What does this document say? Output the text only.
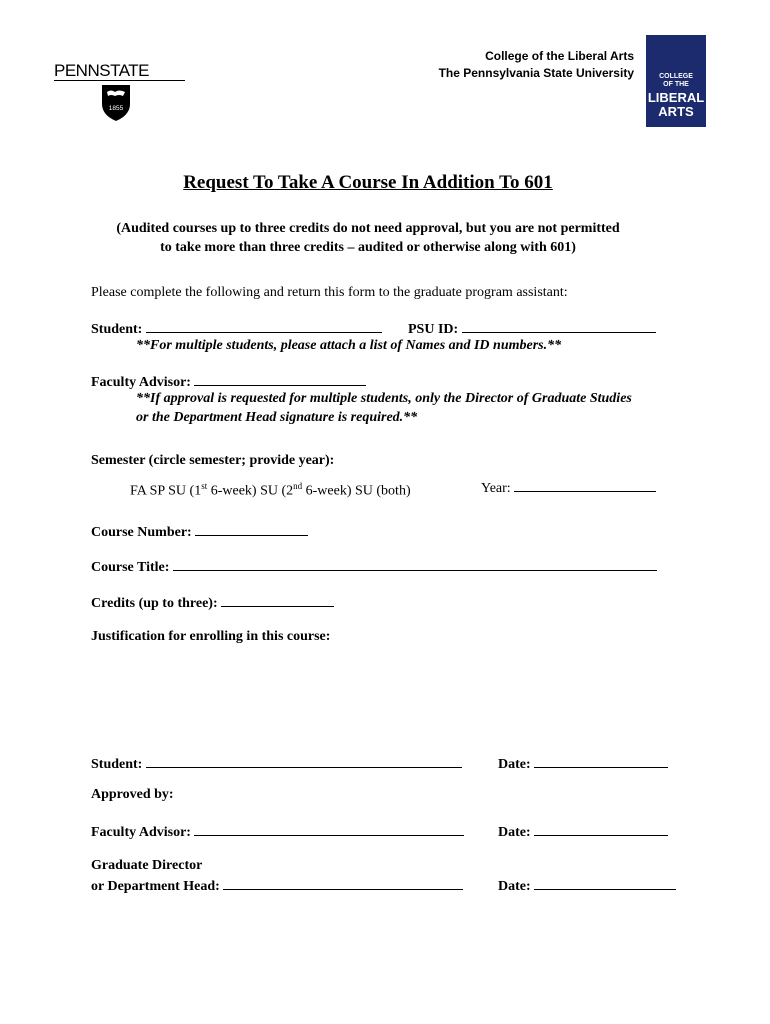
PENNSTATE
1855
College of the Liberal Arts
The Pennsylvania State University	COLLEGE
OF THE
LIBERAL
ARTS
Request To Take A Course In Addition To 601
(Audited courses up to three credits do not need approval, but you are not permitted
to take more than three credits – audited or otherwise along with 601)
Please complete the following and return this form to the graduate program assistant:
Student:	PSU ID:
**For multiple students, please attach a list of Names and ID numbers.**
Faculty Advisor:
**If approval is requested for multiple students, only the Director of Graduate Studies
or the Department Head signature is required.**
Semester (circle semester; provide year):
FA SP SU (1st 6-week) SU (2nd 6-week) SU (both)	Year:
Course Number:
Course Title:
Credits (up to three):
Justification for enrolling in this course:
Student:	Date:
Approved by:
Faculty Advisor:	Date:
Graduate Director
or Department Head:	Date:
